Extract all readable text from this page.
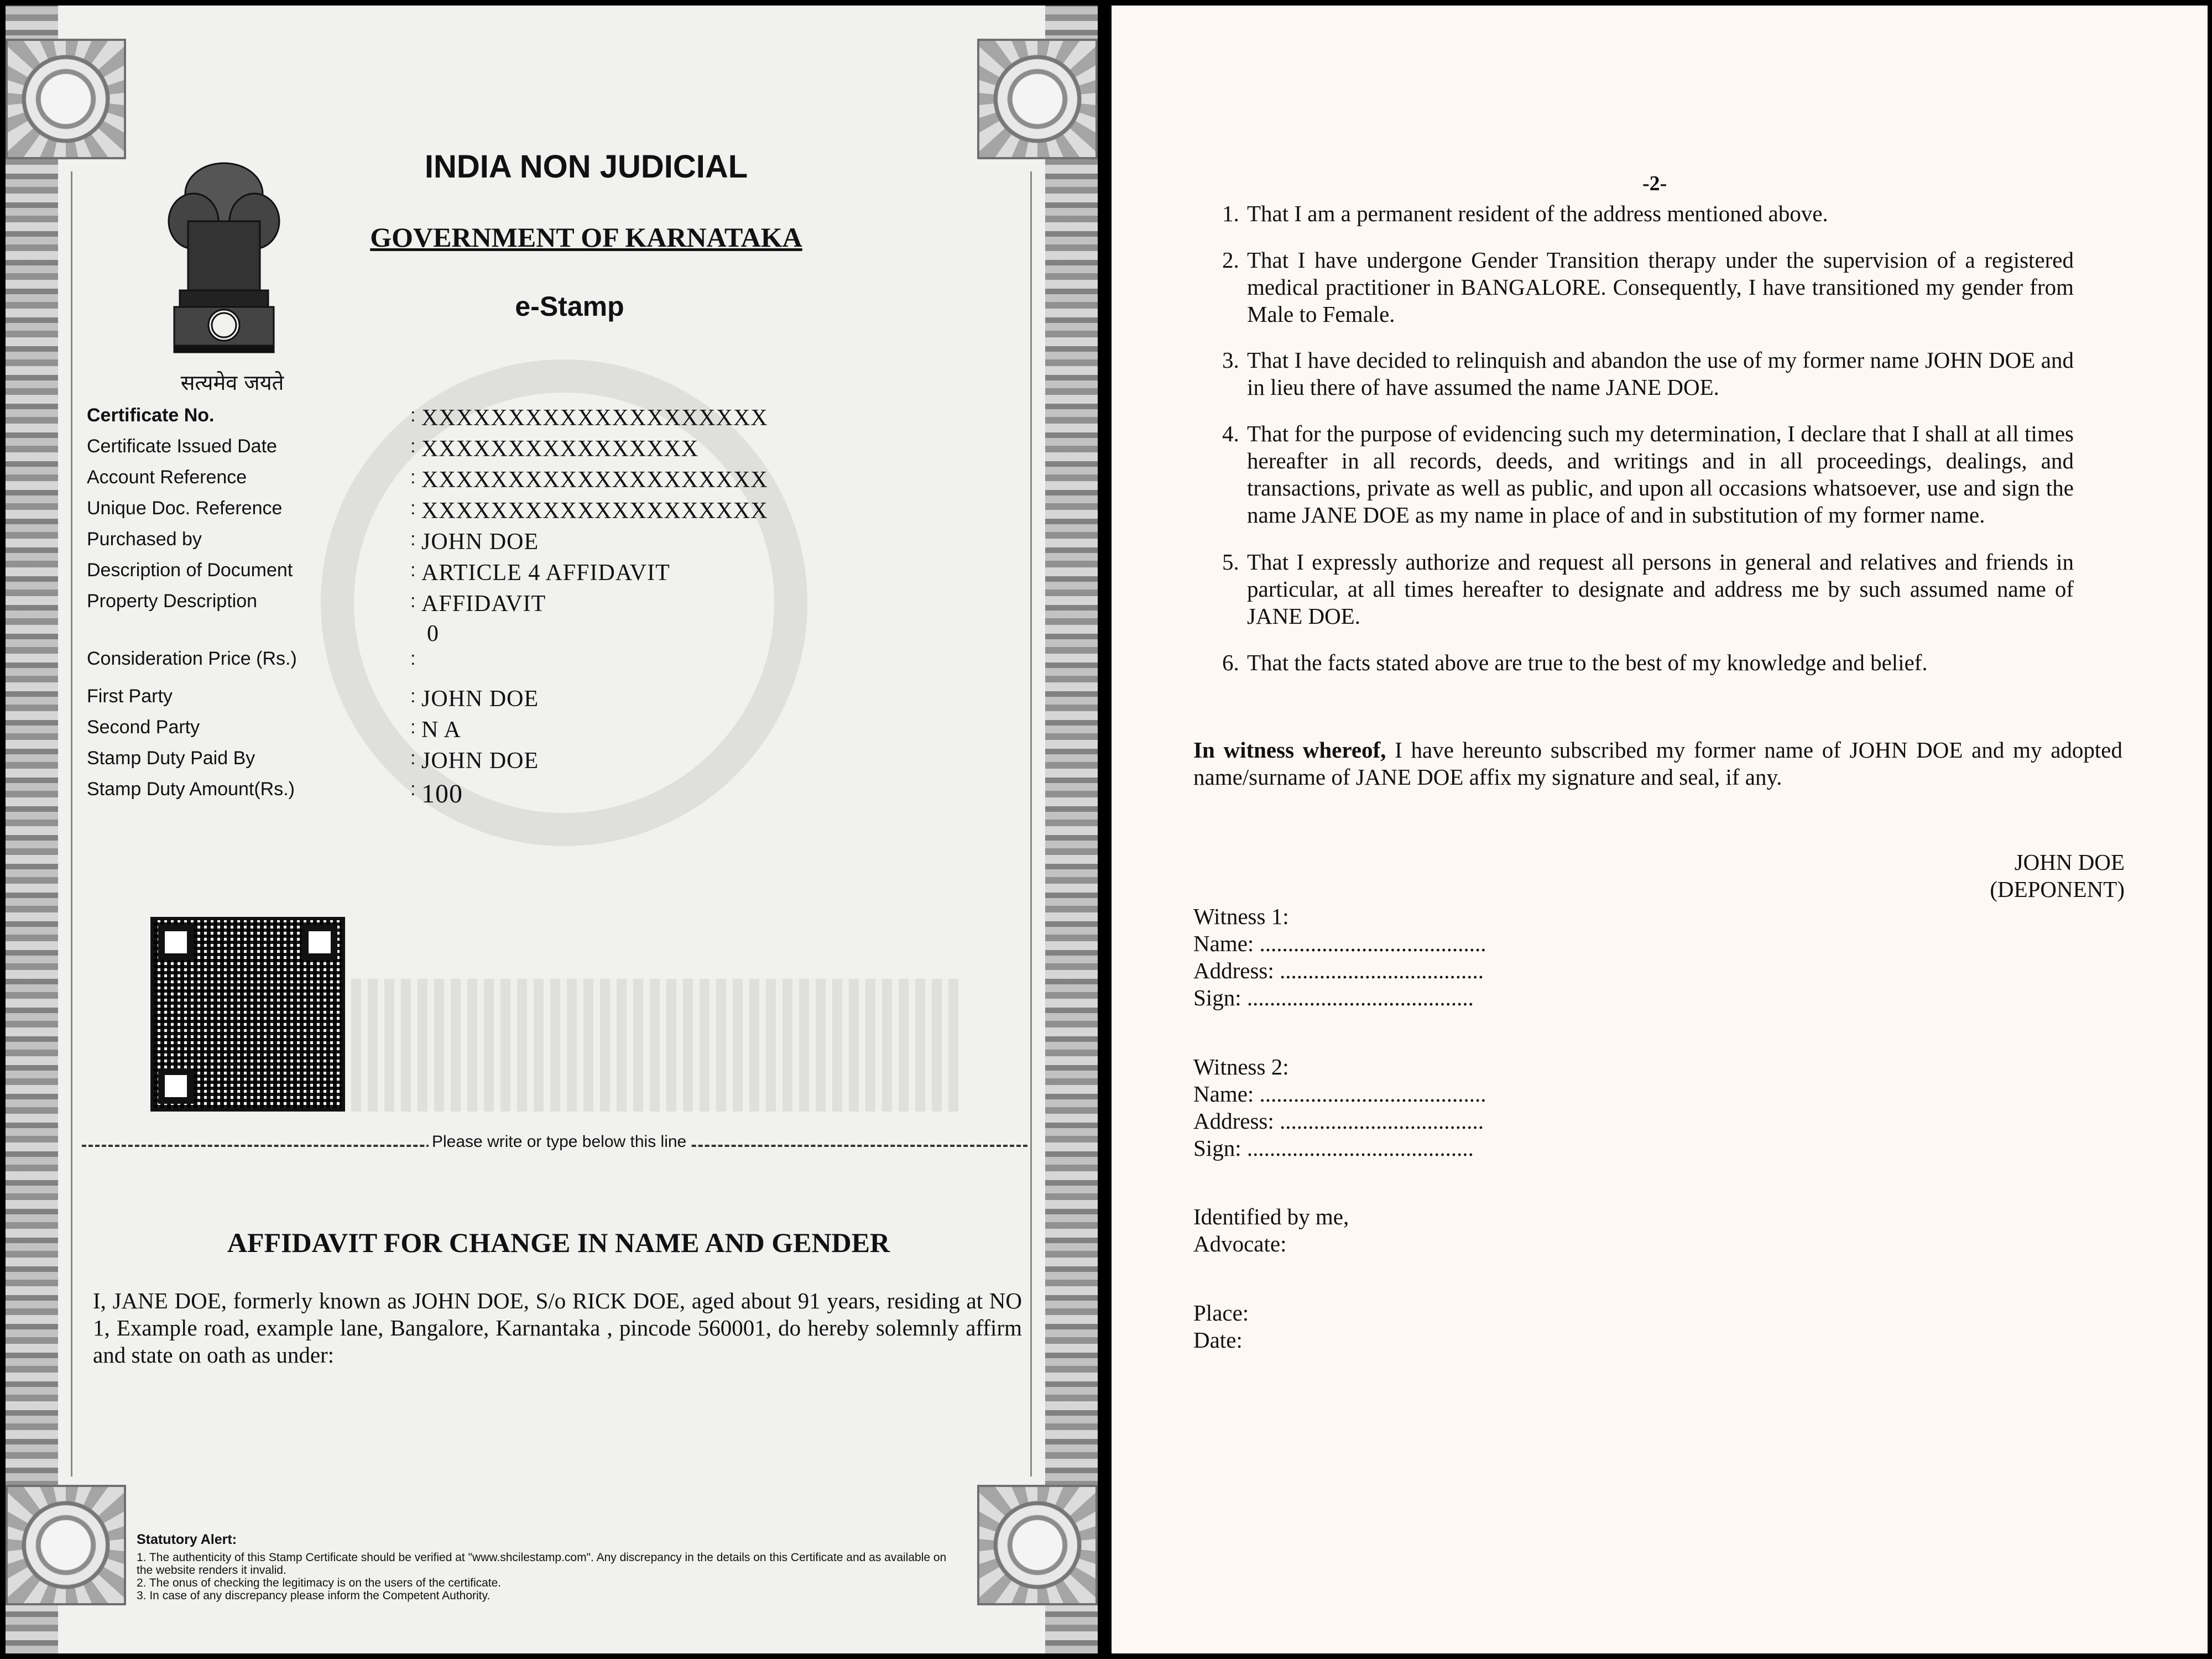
सत्यमेव जयते
INDIA NON JUDICIAL
GOVERNMENT OF KARNATAKA
e-Stamp
Certificate No.	: XXXXXXXXXXXXXXXXXXXX
Certificate Issued Date	: XXXXXXXXXXXXXXXX
Account Reference	: XXXXXXXXXXXXXXXXXXXX
Unique Doc. Reference	: XXXXXXXXXXXXXXXXXXXX
Purchased by	: JOHN DOE
Description of Document	: ARTICLE 4 AFFIDAVIT
Property Description	: AFFIDAVIT
Consideration Price (Rs.)	:
0
First Party	: JOHN DOE
Second Party	: N A
Stamp Duty Paid By	: JOHN DOE
Stamp Duty Amount(Rs.)	: 100
Please write or type below this line
AFFIDAVIT FOR CHANGE IN NAME AND GENDER
I, JANE DOE, formerly known as JOHN DOE, S/o RICK DOE, aged about 91 years, residing at NO 1, Example road, example lane, Bangalore, Karnantaka , pincode 560001, do hereby solemnly affirm and state on oath as under:
Statutory Alert:
1. The authenticity of this Stamp Certificate should be verified at "www.shcilestamp.com". Any discrepancy in the details on this Certificate and as available on the website renders it invalid.
2. The onus of checking the legitimacy is on the users of the certificate.
3. In case of any discrepancy please inform the Competent Authority.
-2-
1. That I am a permanent resident of the address mentioned above.
2. That I have undergone Gender Transition therapy under the supervision of a registered medical practitioner in BANGALORE. Consequently, I have transitioned my gender from Male to Female.
3. That I have decided to relinquish and abandon the use of my former name JOHN DOE and in lieu there of have assumed the name JANE DOE.
4. That for the purpose of evidencing such my determination, I declare that I shall at all times hereafter in all records, deeds, and writings and in all proceedings, dealings, and transactions, private as well as public, and upon all occasions whatsoever, use and sign the name JANE DOE as my name in place of and in substitution of my former name.
5. That I expressly authorize and request all persons in general and relatives and friends in particular, at all times hereafter to designate and address me by such assumed name of JANE DOE.
6. That the facts stated above are true to the best of my knowledge and belief.
In witness whereof, I have hereunto subscribed my former name of JOHN DOE and my adopted name/surname of JANE DOE affix my signature and seal, if any.
JOHN DOE
(DEPONENT)
Witness 1:
Name: ........................................
Address: ....................................
Sign: ........................................
Witness 2:
Name: ........................................
Address: ....................................
Sign: ........................................
Identified by me,
Advocate:
Place:
Date:
